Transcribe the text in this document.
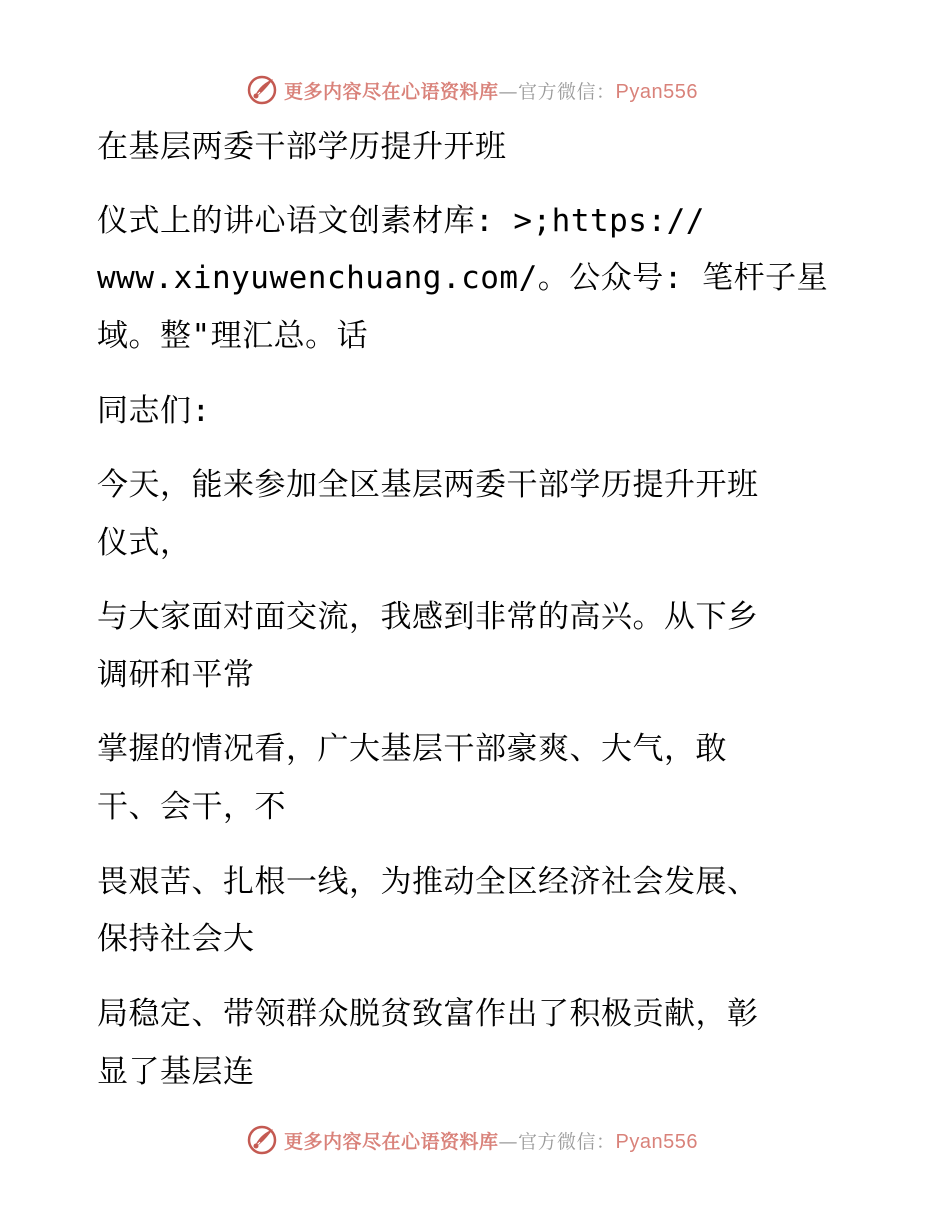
更多内容尽在心语资料库—官方微信：Pyan556
在基层两委干部学历提升开班
仪式上的讲心语文创素材库: >;https://
www.xinyuwenchuang.com/。公众号: 笔杆子星
域。整"理汇总。话
同志们:
今天，能来参加全区基层两委干部学历提升开班
仪式，
与大家面对面交流，我感到非常的高兴。从下乡
调研和平常
掌握的情况看，广大基层干部豪爽、大气，敢
干、会干，不
畏艰苦、扎根一线，为推动全区经济社会发展、
保持社会大
局稳定、带领群众脱贫致富作出了积极贡献，彰
显了基层连
更多内容尽在心语资料库—官方微信：Pyan556
